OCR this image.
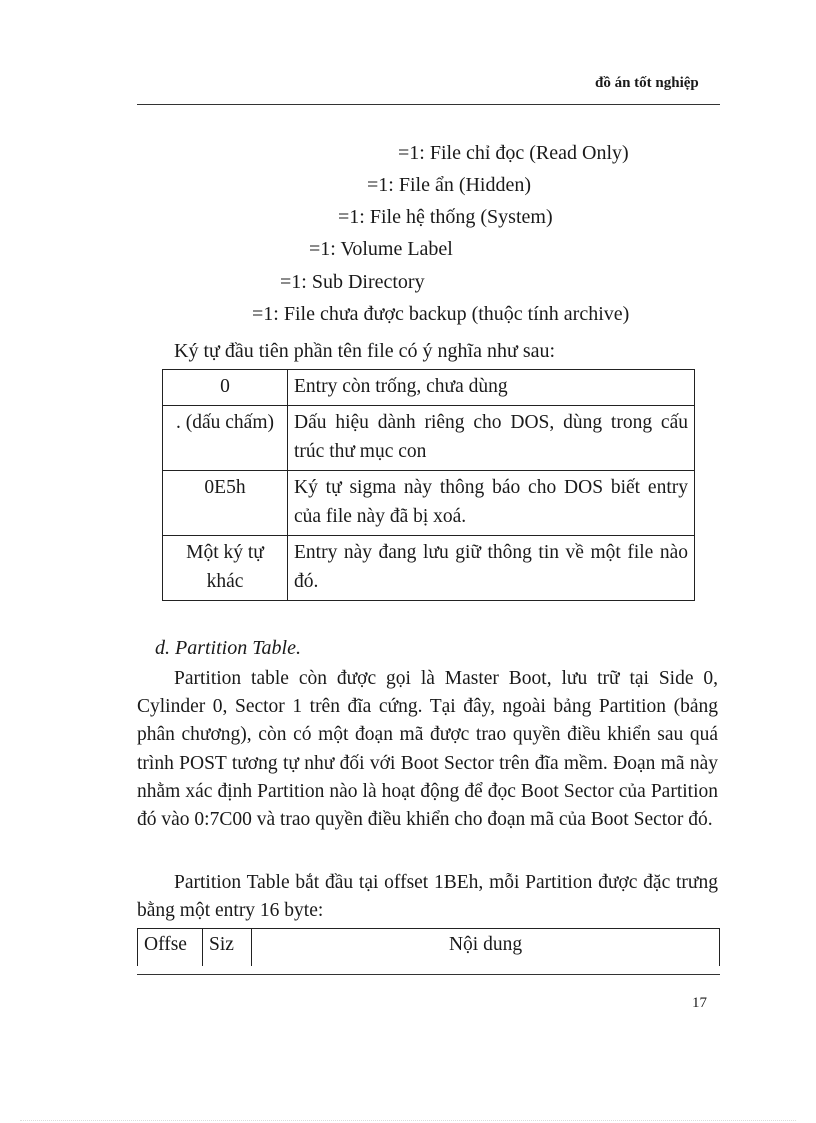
đồ án tốt nghiệp
=1: File chỉ đọc (Read Only)
=1: File ẩn (Hidden)
=1: File hệ thống (System)
=1: Volume Label
=1: Sub Directory
=1: File chưa được backup (thuộc tính archive)
Ký tự đầu tiên phần tên file có ý nghĩa như sau:
0	Entry còn trống, chưa dùng
. (dấu chấm)	Dấu hiệu dành riêng cho DOS, dùng trong cấu trúc thư mục con
0E5h	Ký tự sigma này thông báo cho DOS biết entry của file này đã bị xoá.
Một ký tự khác	Entry này đang lưu giữ thông tin về một file nào đó.
d. Partition Table.

Partition table còn được gọi là Master Boot, lưu trữ tại Side 0, Cylinder 0, Sector 1 trên đĩa cứng. Tại đây, ngoài bảng Partition (bảng phân chương), còn có một đoạn mã được trao quyền điều khiển sau quá trình POST tương tự như đối với Boot Sector trên đĩa mềm. Đoạn mã này nhằm xác định Partition nào là hoạt động để đọc Boot Sector của Partition đó vào 0:7C00 và trao quyền điều khiển cho đoạn mã của Boot Sector đó.

Partition Table bắt đầu tại offset 1BEh, mỗi Partition được đặc trưng bằng một entry 16 byte:

Offse	Siz	Nội dung
17
